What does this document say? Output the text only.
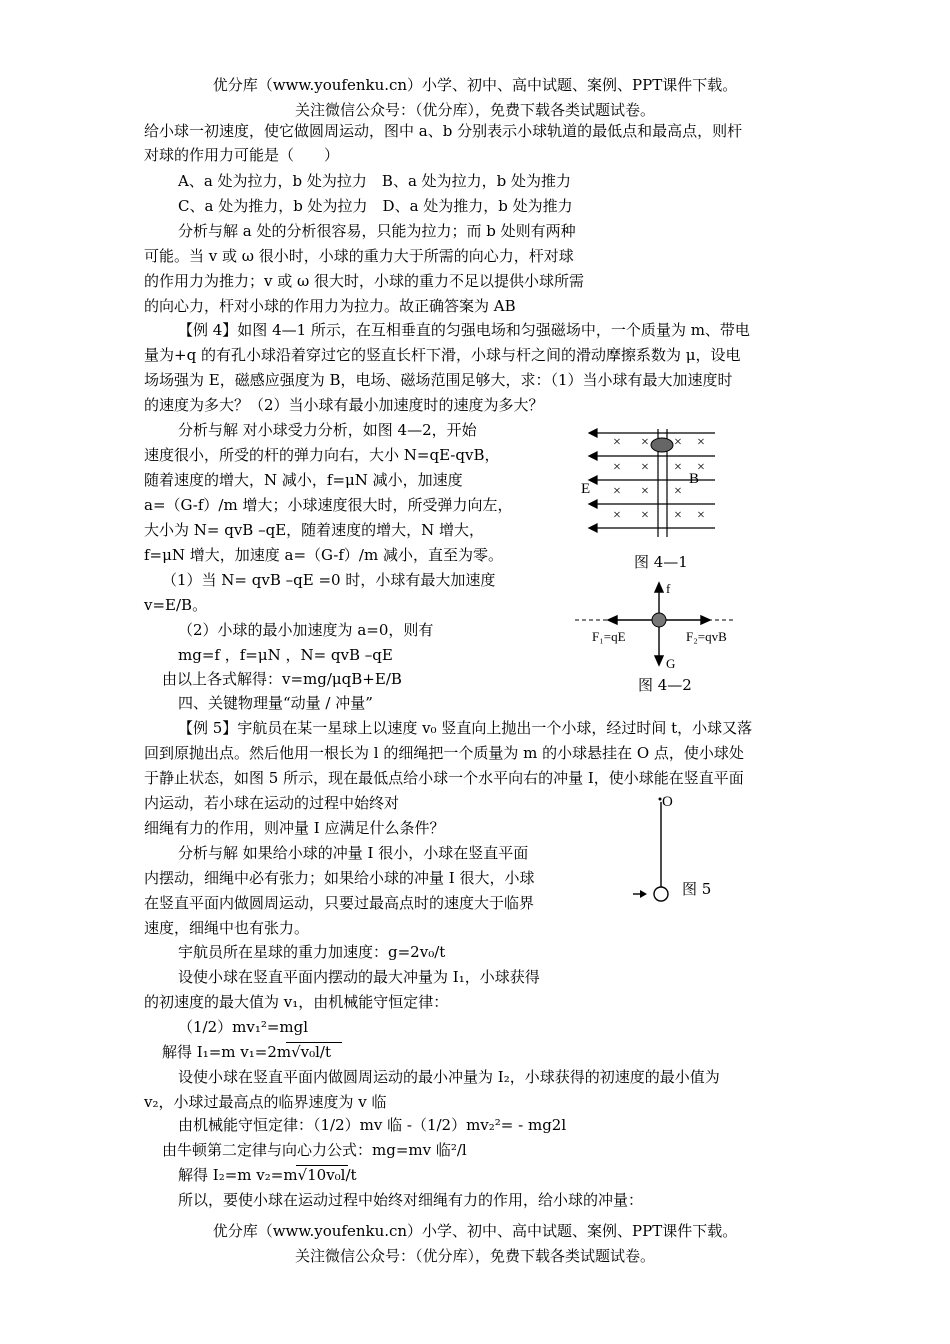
优分库（www.youfenku.cn）小学、初中、高中试题、案例、PPT课件下载。
关注微信公众号：（优分库），免费下载各类试题试卷。
给小球一初速度，使它做圆周运动，图中 a、b 分别表示小球轨道的最低点和最高点，则杆
对球的作用力可能是（　　）
A、a 处为拉力，b 处为拉力　B、a 处为拉力，b 处为推力
C、a 处为推力，b 处为拉力　D、a 处为推力，b 处为推力
分析与解 a 处的分析很容易，只能为拉力；而 b 处则有两种
可能。当 v 或 ω 很小时，小球的重力大于所需的向心力，杆对球
的作用力为推力；v 或 ω 很大时，小球的重力不足以提供小球所需
的向心力，杆对小球的作用力为拉力。故正确答案为 AB
【例 4】如图 4—1 所示，在互相垂直的匀强电场和匀强磁场中，一个质量为 m、带电
量为+q 的有孔小球沿着穿过它的竖直长杆下滑，小球与杆之间的滑动摩擦系数为 μ，设电
场场强为 E，磁感应强度为 B，电场、磁场范围足够大，求：（1）当小球有最大加速度时
的速度为多大？（2）当小球有最小加速度时的速度为多大？
分析与解 对小球受力分析，如图 4—2，开始
速度很小，所受的杆的弹力向右，大小 N=qE-qvB，
随着速度的增大，N 减小，f=μN 减小，加速度
a=（G-f）/m 增大；小球速度很大时，所受弹力向左，
大小为 N= qvB –qE，随着速度的增大，N 增大，
f=μN 增大，加速度 a=（G-f）/m 减小，直至为零。
（1）当 N= qvB –qE =0 时，小球有最大加速度
v=E/B。
（2）小球的最小加速度为 a=0，则有
mg=f ，f=μN ，N= qvB –qE
由以上各式解得：v=mg/μqB+E/B
四、关键物理量“动量 / 冲量”
【例 5】宇航员在某一星球上以速度 v₀ 竖直向上抛出一个小球，经过时间 t，小球又落
回到原抛出点。然后他用一根长为 l 的细绳把一个质量为 m 的小球悬挂在 O 点，使小球处
于静止状态，如图 5 所示，现在最低点给小球一个水平向右的冲量 I，使小球能在竖直平面
内运动，若小球在运动的过程中始终对
细绳有力的作用，则冲量 I 应满足什么条件？
分析与解 如果给小球的冲量 I 很小，小球在竖直平面
内摆动，细绳中必有张力；如果给小球的冲量 I 很大，小球
在竖直平面内做圆周运动，只要过最高点时的速度大于临界
速度，细绳中也有张力。
宇航员所在星球的重力加速度：g=2v₀/t
设使小球在竖直平面内摆动的最大冲量为 I₁，小球获得
的初速度的最大值为 v₁，由机械能守恒定律：
（1/2）mv₁²=mgl
解得 I₁=m v₁=2m√v₀l/t
设使小球在竖直平面内做圆周运动的最小冲量为 I₂，小球获得的初速度的最小值为
v₂，小球过最高点的临界速度为 v 临
由机械能守恒定律：（1/2）mv 临 -（1/2）mv₂²= - mg2l
由牛顿第二定律与向心力公式：mg=mv 临²/l
解得 I₂=m v₂=m√10v₀l/t
所以，要使小球在运动过程中始终对细绳有力的作用，给小球的冲量：
优分库（www.youfenku.cn）小学、初中、高中试题、案例、PPT课件下载。
关注微信公众号：（优分库），免费下载各类试题试卷。
× × × ×
× × × ×
× × ×
× × × ×
E
B
图 4—1
f
G
F₁=qE	F₂=qvB
图 4—2
O
图 5
